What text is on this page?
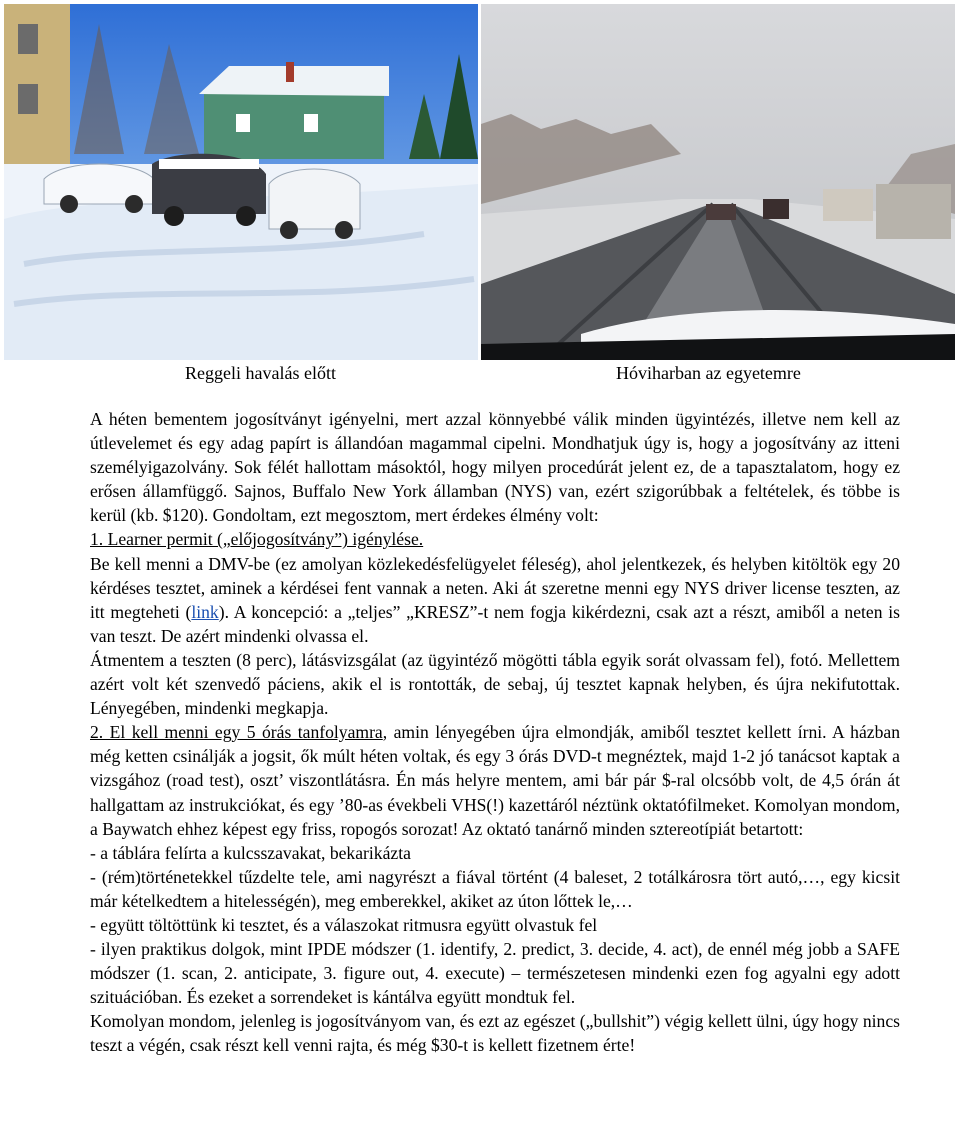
Reggeli havalás előtt	Hóviharban az egyetemre

A héten bementem jogosítványt igényelni, mert azzal könnyebbé válik minden ügyintézés, illetve nem kell az útlevelemet és egy adag papírt is állandóan magammal cipelni. Mondhatjuk úgy is, hogy a jogosítvány az itteni személyigazolvány. Sok félét hallottam másoktól, hogy milyen procedúrát jelent ez, de a tapasztalatom, hogy ez erősen államfüggő. Sajnos, Buffalo New York államban (NYS) van, ezért szigorúbbak a feltételek, és többe is kerül (kb. $120). Gondoltam, ezt megosztom, mert érdekes élmény volt:

1. Learner permit („előjogosítvány”) igénylése.

Be kell menni a DMV-be (ez amolyan közlekedésfelügyelet féleség), ahol jelentkezek, és helyben kitöltök egy 20 kérdéses tesztet, aminek a kérdései fent vannak a neten. Aki át szeretne menni egy NYS driver license teszten, az itt megteheti (link). A koncepció: a „teljes” „KRESZ”-t nem fogja kikérdezni, csak azt a részt, amiből a neten is van teszt. De azért mindenki olvassa el.

Átmentem a teszten (8 perc), látásvizsgálat (az ügyintéző mögötti tábla egyik sorát olvassam fel), fotó. Mellettem azért volt két szenvedő páciens, akik el is rontották, de sebaj, új tesztet kapnak helyben, és újra nekifutottak. Lényegében, mindenki megkapja.

2. El kell menni egy 5 órás tanfolyamra, amin lényegében újra elmondják, amiből tesztet kellett írni. A házban még ketten csinálják a jogsit, ők múlt héten voltak, és egy 3 órás DVD-t megnéztek, majd 1-2 jó tanácsot kaptak a vizsgához (road test), oszt’ viszontlátásra. Én más helyre mentem, ami bár pár $-ral olcsóbb volt, de 4,5 órán át hallgattam az instrukciókat, és egy ’80-as évekbeli VHS(!) kazettáról néztünk oktatófilmeket. Komolyan mondom, a Baywatch ehhez képest egy friss, ropogós sorozat! Az oktató tanárnő minden sztereotípiát betartott:

- a táblára felírta a kulcsszavakat, bekarikázta

- (rém)történetekkel tűzdelte tele, ami nagyrészt a fiával történt (4 baleset, 2 totálkárosra tört autó,…, egy kicsit már kételkedtem a hitelességén), meg emberekkel, akiket az úton lőttek le,…

- együtt töltöttünk ki tesztet, és a válaszokat ritmusra együtt olvastuk fel

- ilyen praktikus dolgok, mint IPDE módszer (1. identify, 2. predict, 3. decide, 4. act), de ennél még jobb a SAFE módszer (1. scan, 2. anticipate, 3. figure out, 4. execute) – természetesen mindenki ezen fog agyalni egy adott szituációban. És ezeket a sorrendeket is kántálva együtt mondtuk fel.

Komolyan mondom, jelenleg is jogosítványom van, és ezt az egészet („bullshit”) végig kellett ülni, úgy hogy nincs teszt a végén, csak részt kell venni rajta, és még $30-t is kellett fizetnem érte!
